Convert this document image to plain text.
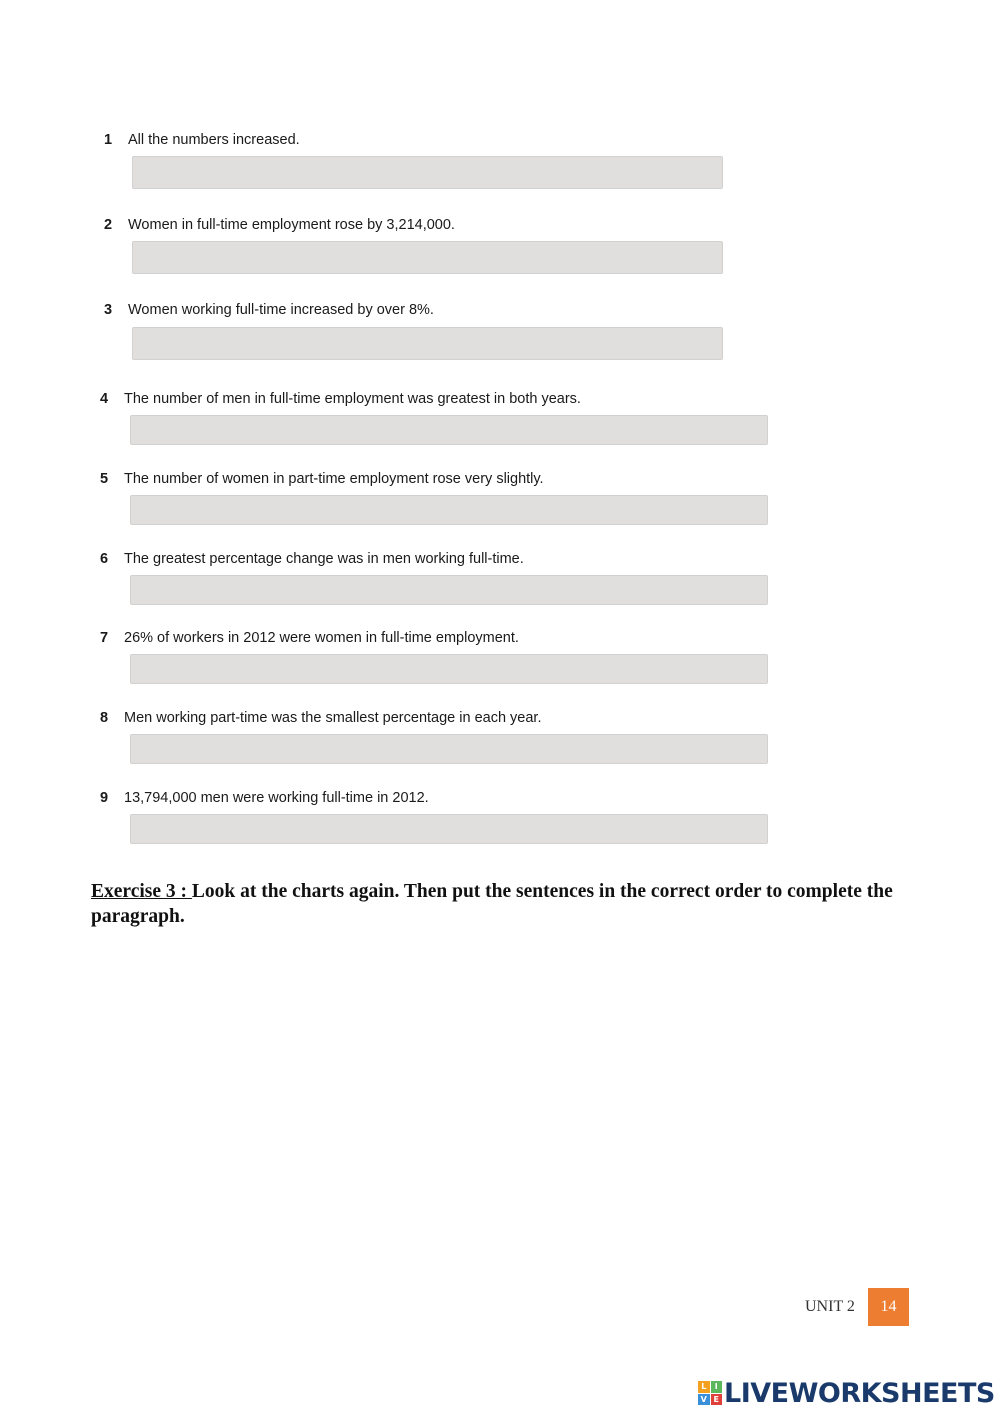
1 All the numbers increased.
2 Women in full-time employment rose by 3,214,000.
3 Women working full-time increased by over 8%.
4 The number of men in full-time employment was greatest in both years.
5 The number of women in part-time employment rose very slightly.
6 The greatest percentage change was in men working full-time.
7 26% of workers in 2012 were women in full-time employment.
8 Men working part-time was the smallest percentage in each year.
9 13,794,000 men were working full-time in 2012.
Exercise 3 : Look at the charts again. Then put the sentences in the correct order to complete the paragraph.
UNIT 2	14
L	I
V E LIVEWORKSHEETS
